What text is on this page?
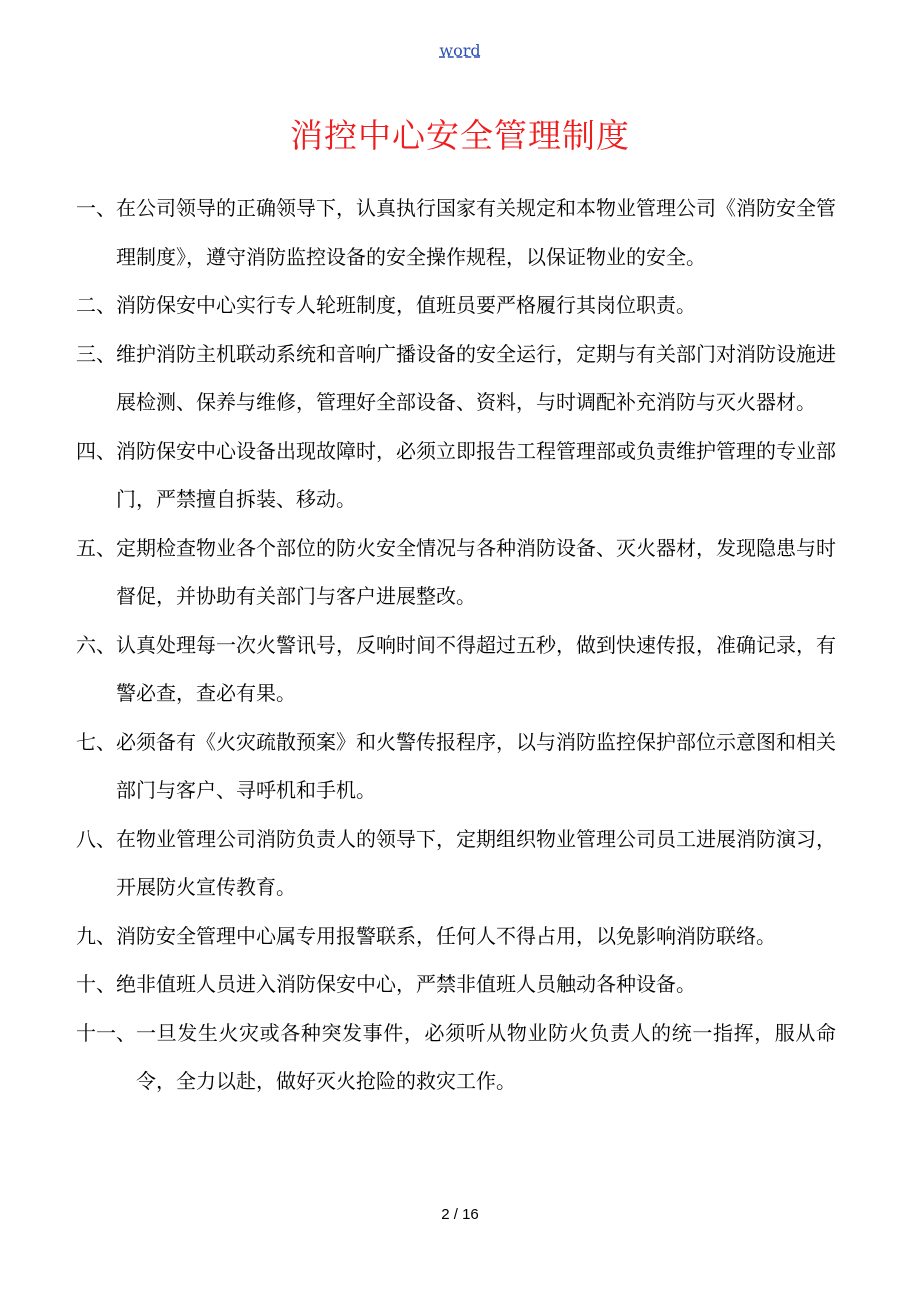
word
消控中心安全管理制度
一、 在公司领导的正确领导下，认真执行国家有关规定和本物业管理公司《消防安全管理制度》，遵守消防监控设备的安全操作规程，以保证物业的安全。
二、 消防保安中心实行专人轮班制度，值班员要严格履行其岗位职责。
三、 维护消防主机联动系统和音响广播设备的安全运行，定期与有关部门对消防设施进展检测、保养与维修，管理好全部设备、资料，与时调配补充消防与灭火器材。
四、 消防保安中心设备出现故障时，必须立即报告工程管理部或负责维护管理的专业部门，严禁擅自拆装、移动。
五、 定期检查物业各个部位的防火安全情况与各种消防设备、灭火器材，发现隐患与时督促，并协助有关部门与客户进展整改。
六、 认真处理每一次火警讯号，反响时间不得超过五秒，做到快速传报，准确记录，有警必查，查必有果。
七、 必须备有《火灾疏散预案》和火警传报程序，以与消防监控保护部位示意图和相关部门与客户、寻呼机和手机。
八、 在物业管理公司消防负责人的领导下，定期组织物业管理公司员工进展消防演习，开展防火宣传教育。
九、 消防安全管理中心属专用报警联系，任何人不得占用，以免影响消防联络。
十、 绝非值班人员进入消防保安中心，严禁非值班人员触动各种设备。
十一、 一旦发生火灾或各种突发事件，必须听从物业防火负责人的统一指挥，服从命令，全力以赴，做好灭火抢险的救灾工作。
2 / 16
